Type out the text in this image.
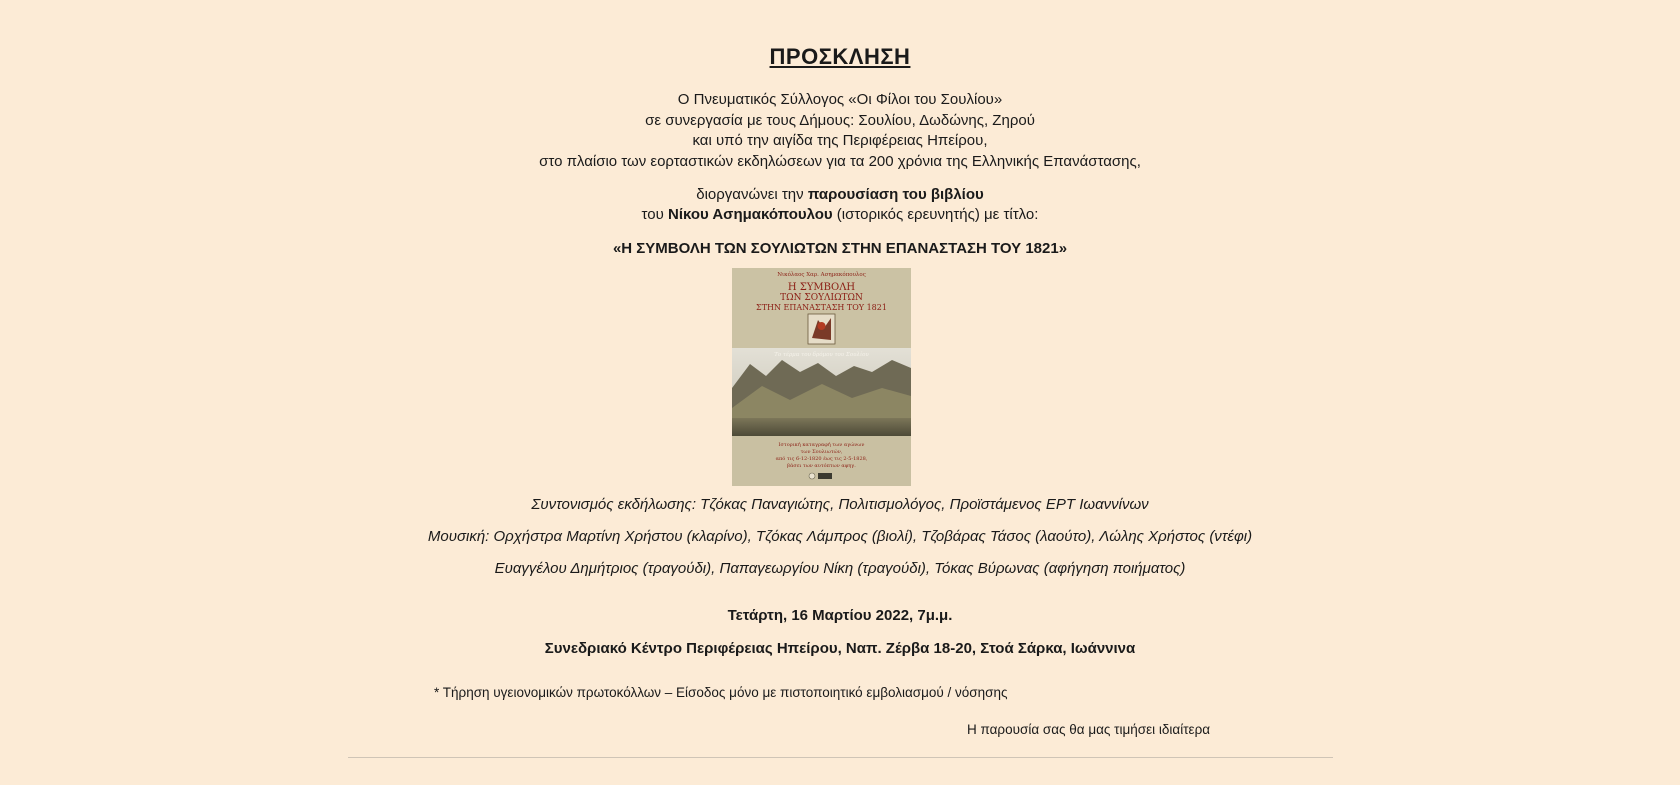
ΠΡΟΣΚΛΗΣΗ
Ο Πνευματικός Σύλλογος «Οι Φίλοι του Σουλίου»
σε συνεργασία με τους Δήμους: Σουλίου, Δωδώνης, Ζηρού
και υπό την αιγίδα της Περιφέρειας Ηπείρου,
στο πλαίσιο των εορταστικών εκδηλώσεων για τα 200 χρόνια της Ελληνικής Επανάστασης,
διοργανώνει την παρουσίαση του βιβλίου
του Νίκου Ασημακόπουλου (ιστορικός ερευνητής) με τίτλο:
«Η ΣΥΜΒΟΛΗ ΤΩΝ ΣΟΥΛΙΩΤΩΝ ΣΤΗΝ ΕΠΑΝΑΣΤΑΣΗ ΤΟΥ 1821»
Νικόλαος Χαρ. Ασημακόπουλος
Η ΣΥΜΒΟΛΗ
ΤΩΝ ΣΟΥΛΙΩΤΩΝ
ΣΤΗΝ ΕΠΑΝΑΣΤΑΣΗ ΤΟΥ 1821
Το τέρμα του δρόμου του Σουλίου
Ιστορική καταγραφή των αγώνων
των Σουλιωτών,
από τις 6-12-1820 έως τις 2-5-1828,
βάσει των αυτόπτων αφηγ.
Συντονισμός εκδήλωσης: Τζόκας Παναγιώτης, Πολιτισμολόγος, Προϊστάμενος ΕΡΤ Ιωαννίνων
Μουσική: Ορχήστρα Μαρτίνη Χρήστου (κλαρίνο), Τζόκας Λάμπρος (βιολί), Τζοβάρας Τάσος (λαούτο), Λώλης Χρήστος (ντέφι)
Ευαγγέλου Δημήτριος (τραγούδι), Παπαγεωργίου Νίκη (τραγούδι), Τόκας Βύρωνας (αφήγηση ποιήματος)
Τετάρτη, 16 Μαρτίου 2022, 7μ.μ.
Συνεδριακό Κέντρο Περιφέρειας Ηπείρου, Ναπ. Ζέρβα 18-20, Στοά Σάρκα, Ιωάννινα
* Τήρηση υγειονομικών πρωτοκόλλων – Είσοδος μόνο με πιστοποιητικό εμβολιασμού / νόσησης
Η παρουσία σας θα μας τιμήσει ιδιαίτερα
